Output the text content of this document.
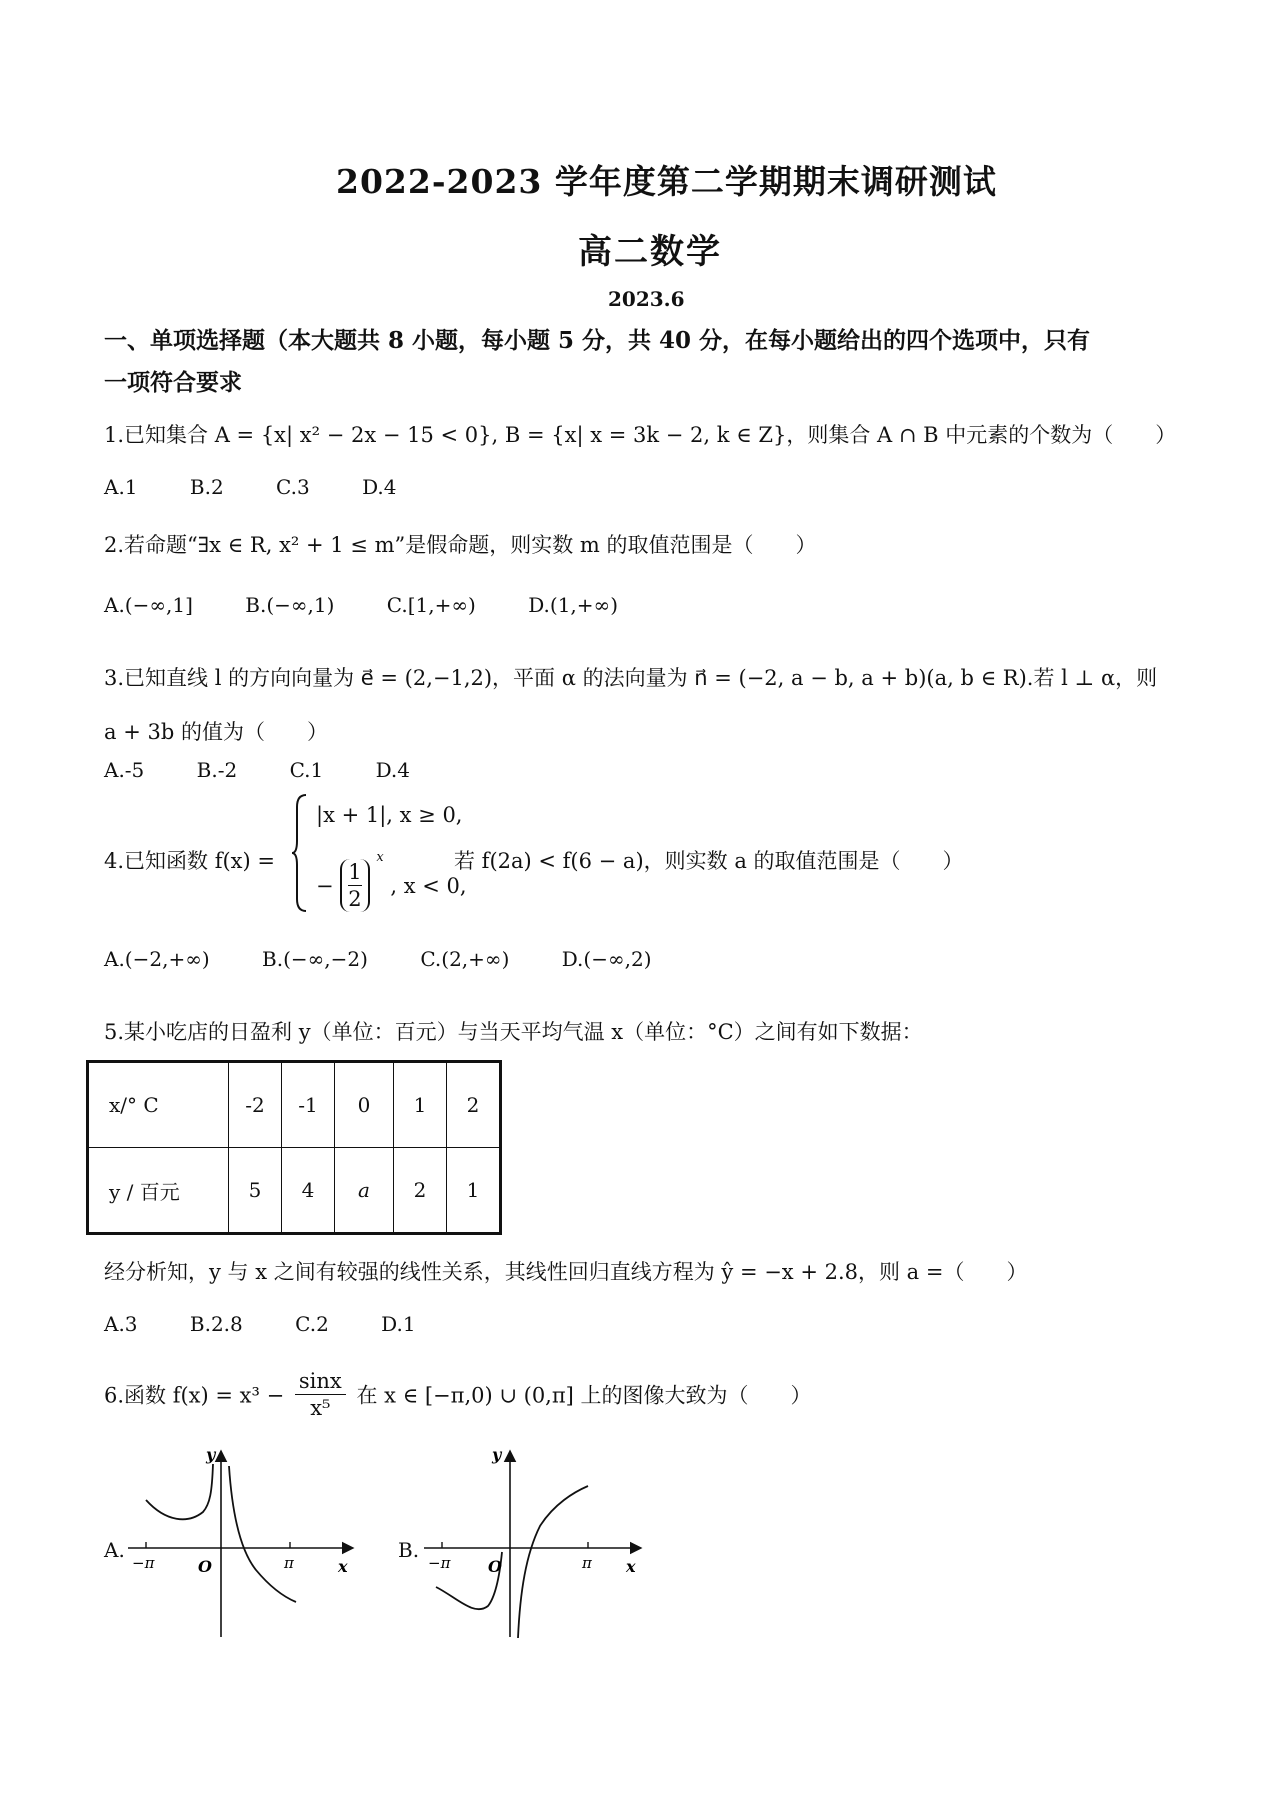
2022-2023 学年度第二学期期末调研测试
高二数学
2023.6
一、单项选择题（本大题共 8 小题，每小题 5 分，共 40 分，在每小题给出的四个选项中，只有
一项符合要求
1.已知集合 A = {x| x² − 2x − 15 < 0}, B = {x| x = 3k − 2, k ∈ Z}，则集合 A ∩ B 中元素的个数为（　　）
A.1	B.2	C.3	D.4
2.若命题“∃x ∈ R, x² + 1 ≤ m”是假命题，则实数 m 的取值范围是（　　）
A.(−∞,1]	B.(−∞,1)	C.[1,+∞)	D.(1,+∞)
3.已知直线 l 的方向向量为 e⃗ = (2,−1,2)，平面 α 的法向量为 n⃗ = (−2, a − b, a + b)(a, b ∈ R).若 l ⊥ α，则
a + 3b 的值为（　　）
A.-5	B.-2	C.1	D.4
4.已知函数 f(x) =
|x + 1|, x ≥ 0,
− $\frac{1}{2}$
$^x$ , x < 0,
若 f(2a) < f(6 − a)，则实数 a 的取值范围是（　　）
A.(−2,+∞)	B.(−∞,−2)	C.(2,+∞)	D.(−∞,2)
5.某小吃店的日盈利 y（单位：百元）与当天平均气温 x（单位：°C）之间有如下数据：
x/° C	-2	-1	0	1	2
y / 百元	5	4	a	2	1
经分析知，y 与 x 之间有较强的线性关系，其线性回归直线方程为 ŷ = −x + 2.8，则 a =（　　）
A.3	B.2.8	C.2	D.1
6.函数 $f(x) = x^3 - \frac{\sin x}{\text{x⁵}}$ 在 x ∈ [−π,0) ∪ (0,π] 上的图像大致为（　　）
A.
y
x
O
−π	π
B.
y
x
O
−π	π
